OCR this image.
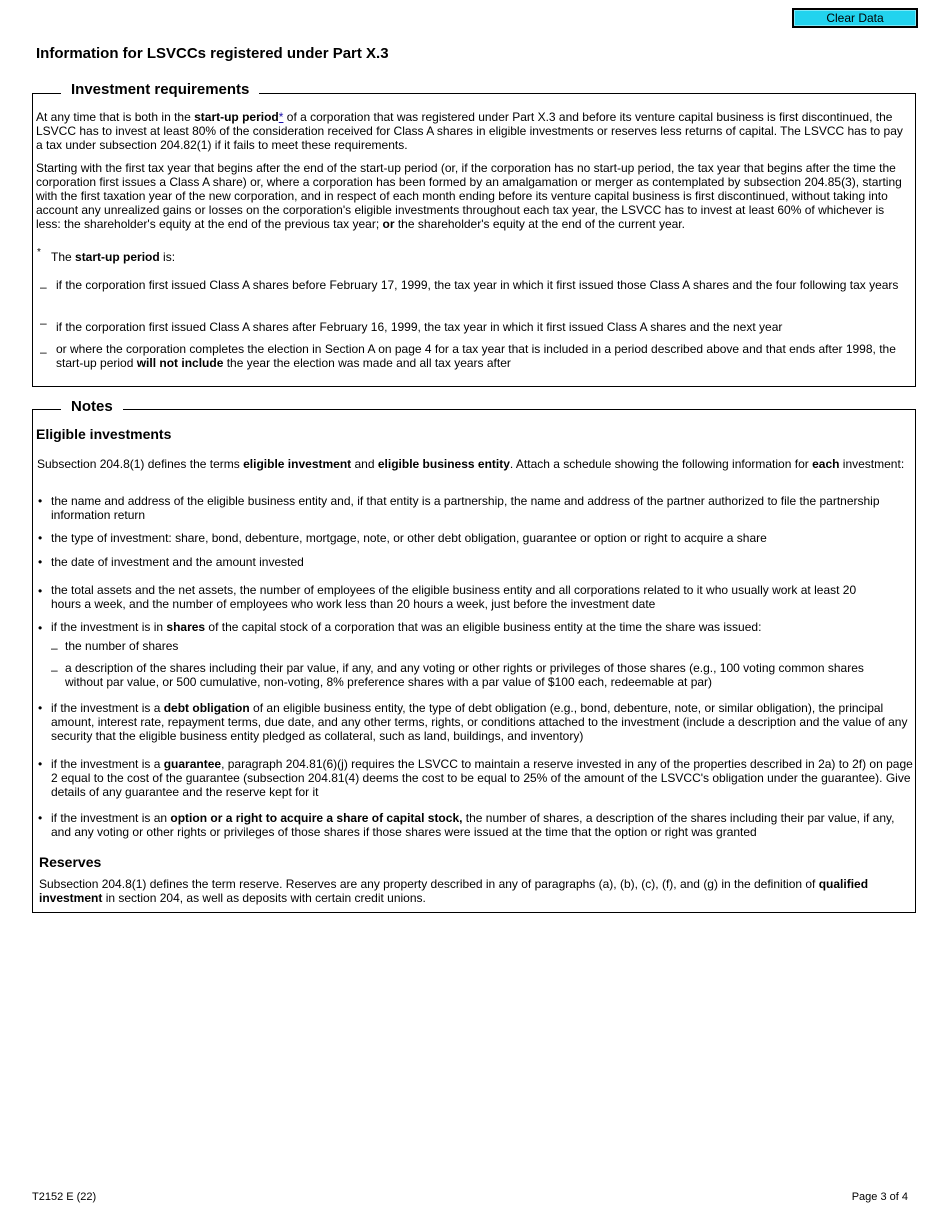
Clear Data
Information for LSVCCs registered under Part X.3
Investment requirements
At any time that is both in the start-up period* of a corporation that was registered under Part X.3 and before its venture capital business is first discontinued, the LSVCC has to invest at least 80% of the consideration received for Class A shares in eligible investments or reserves less returns of capital. The LSVCC has to pay a tax under subsection 204.82(1) if it fails to meet these requirements.
Starting with the first tax year that begins after the end of the start-up period (or, if the corporation has no start-up period, the tax year that begins after the time the corporation first issues a Class A share) or, where a corporation has been formed by an amalgamation or merger as contemplated by subsection 204.85(3), starting with the first taxation year of the new corporation, and in respect of each month ending before its venture capital business is first discontinued, without taking into account any unrealized gains or losses on the corporation's eligible investments throughout each tax year, the LSVCC has to invest at least 60% of whichever is less: the shareholder's equity at the end of the previous tax year; or the shareholder's equity at the end of the current year.
* The start-up period is:
– if the corporation first issued Class A shares before February 17, 1999, the tax year in which it first issued those Class A shares and the four following tax years
– if the corporation first issued Class A shares after February 16, 1999, the tax year in which it first issued Class A shares and the next year
– or where the corporation completes the election in Section A on page 4 for a tax year that is included in a period described above and that ends after 1998, the start-up period will not include the year the election was made and all tax years after
Notes
Eligible investments
Subsection 204.8(1) defines the terms eligible investment and eligible business entity. Attach a schedule showing the following information for each investment:
• the name and address of the eligible business entity and, if that entity is a partnership, the name and address of the partner authorized to file the partnership information return
• the type of investment: share, bond, debenture, mortgage, note, or other debt obligation, guarantee or option or right to acquire a share
• the date of investment and the amount invested
• the total assets and the net assets, the number of employees of the eligible business entity and all corporations related to it who usually work at least 20 hours a week, and the number of employees who work less than 20 hours a week, just before the investment date
• if the investment is in shares of the capital stock of a corporation that was an eligible business entity at the time the share was issued:
– the number of shares
– a description of the shares including their par value, if any, and any voting or other rights or privileges of those shares (e.g., 100 voting common shares without par value, or 500 cumulative, non-voting, 8% preference shares with a par value of $100 each, redeemable at par)
• if the investment is a debt obligation of an eligible business entity, the type of debt obligation (e.g., bond, debenture, note, or similar obligation), the principal amount, interest rate, repayment terms, due date, and any other terms, rights, or conditions attached to the investment (include a description and the value of any security that the eligible business entity pledged as collateral, such as land, buildings, and inventory)
• if the investment is a guarantee, paragraph 204.81(6)(j) requires the LSVCC to maintain a reserve invested in any of the properties described in 2a) to 2f) on page 2 equal to the cost of the guarantee (subsection 204.81(4) deems the cost to be equal to 25% of the amount of the LSVCC's obligation under the guarantee). Give details of any guarantee and the reserve kept for it
• if the investment is an option or a right to acquire a share of capital stock, the number of shares, a description of the shares including their par value, if any, and any voting or other rights or privileges of those shares if those shares were issued at the time that the option or right was granted
Reserves
Subsection 204.8(1) defines the term reserve. Reserves are any property described in any of paragraphs (a), (b), (c), (f), and (g) in the definition of qualified investment in section 204, as well as deposits with certain credit unions.
T2152 E (22)	Page 3 of 4
